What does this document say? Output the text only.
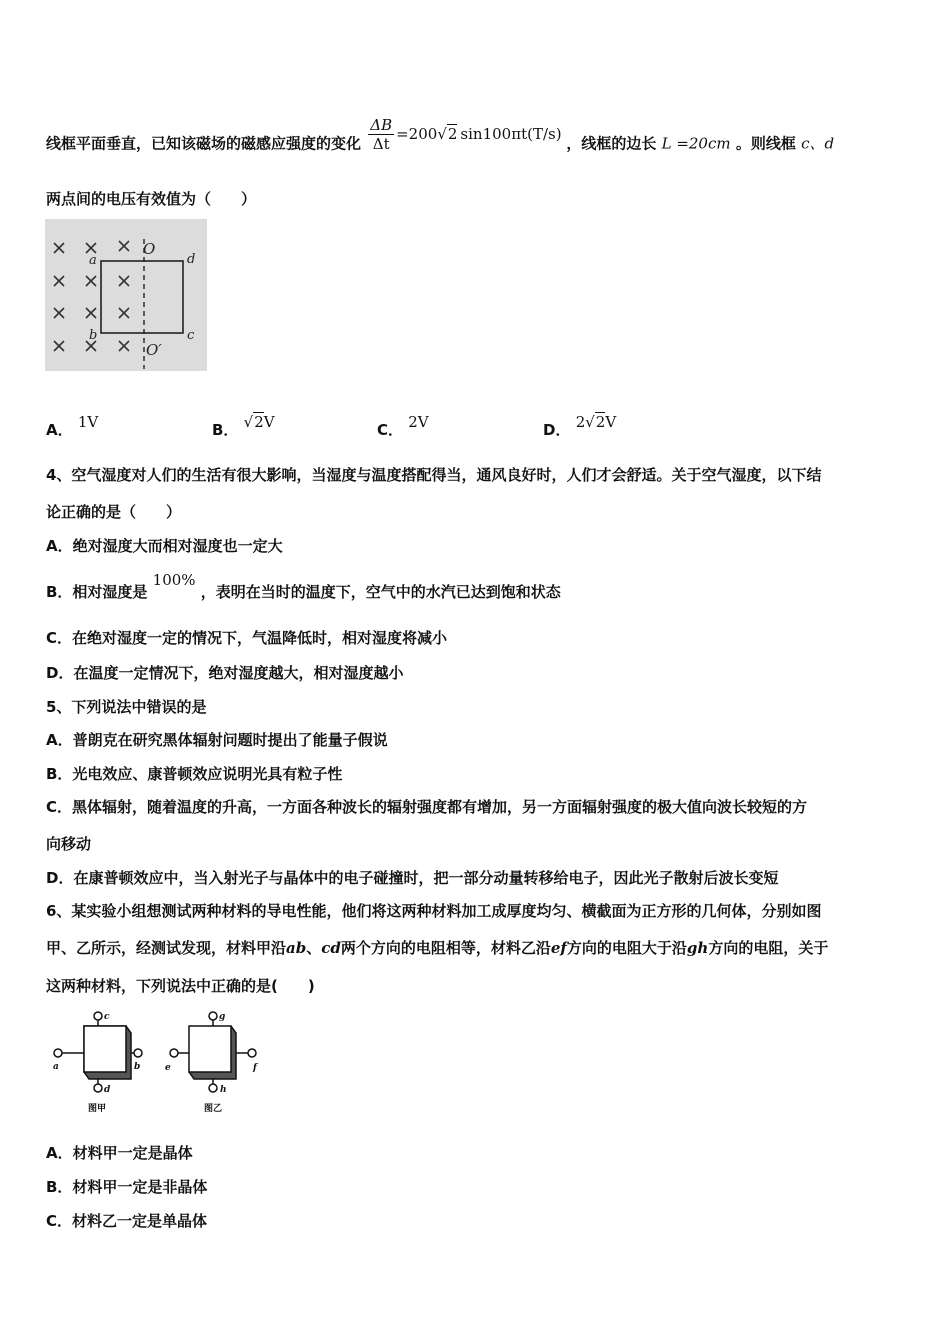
线框平面垂直，已知该磁场的磁感应强度的变化 $\frac{\Delta B}{\Delta t} =200√2$ sin100πt(T/s) ，线框的边长 L =20cm 。则线框 c、d
两点间的电压有效值为（　　）
O
O′
a
b	c
d
A． 1V	B． √2V	C． 2V	D． 2√2V
4、空气湿度对人们的生活有很大影响，当湿度与温度搭配得当，通风良好时，人们才会舒适。关于空气湿度，以下结
论正确的是（　　）
A．绝对湿度大而相对湿度也一定大
B．相对湿度是 100% ，表明在当时的温度下，空气中的水汽已达到饱和状态
C．在绝对湿度一定的情况下，气温降低时，相对湿度将减小
D．在温度一定情况下，绝对湿度越大，相对湿度越小
5、下列说法中错误的是
A．普朗克在研究黑体辐射问题时提出了能量子假说
B．光电效应、康普顿效应说明光具有粒子性
C．黑体辐射，随着温度的升高，一方面各种波长的辐射强度都有增加，另一方面辐射强度的极大值向波长较短的方
向移动
D．在康普顿效应中，当入射光子与晶体中的电子碰撞时，把一部分动量转移给电子，因此光子散射后波长变短
6、某实验小组想测试两种材料的导电性能，他们将这两种材料加工成厚度均匀、横截面为正方形的几何体，分别如图
甲、乙所示，经测试发现，材料甲沿ab、cd两个方向的电阻相等，材料乙沿ef方向的电阻大于沿gh方向的电阻，关于
这两种材料，下列说法中正确的是(　　)
c
d
a	b
图甲
g
h
e	f
图乙
A．材料甲一定是晶体
B．材料甲一定是非晶体
C．材料乙一定是单晶体
